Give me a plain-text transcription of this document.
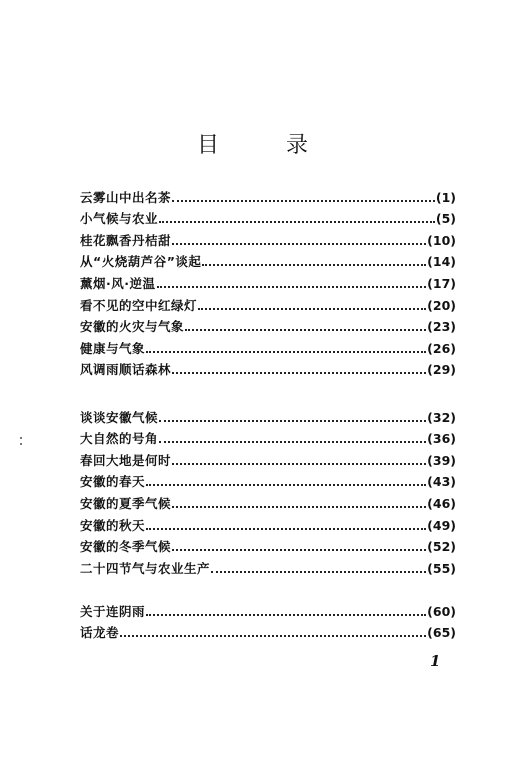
目 录
云雾山中出名茶	(1)
小气候与农业	(5)
桂花飘香丹桔甜	(10)
从“火烧葫芦谷”谈起	(14)
薰烟·风·逆温	(17)
看不见的空中红绿灯	(20)
安徽的火灾与气象	(23)
健康与气象	(26)
风调雨顺话森林	(29)
谈谈安徽气候	(32)
大自然的号角	(36)
春回大地是何时	(39)
安徽的春天	(43)
安徽的夏季气候	(46)
安徽的秋天	(49)
安徽的冬季气候	(52)
二十四节气与农业生产	(55)
关于连阴雨	(60)
话龙卷	(65)
1
